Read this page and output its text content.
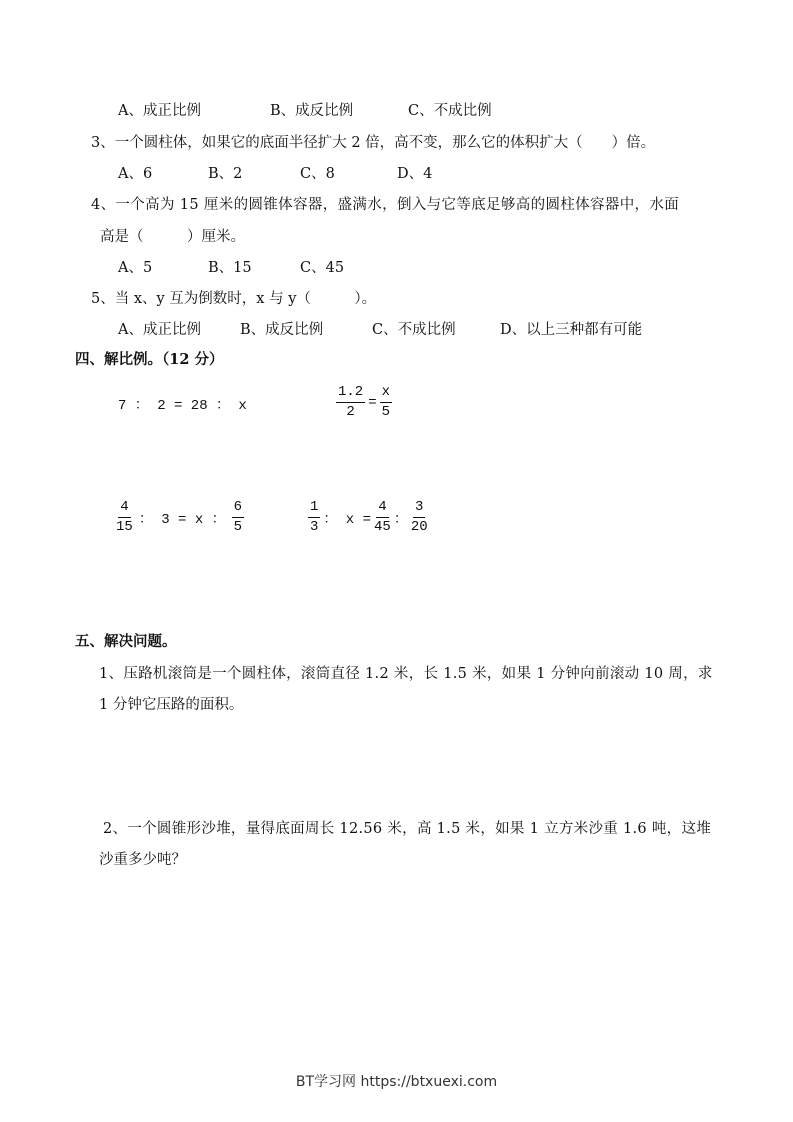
A、成正比例	B、成反比例	C、不成比例
3、一个圆柱体，如果它的底面半径扩大 2 倍，高不变，那么它的体积扩大（　　）倍。
A、6	B、2	C、8	D、4
4、一个高为 15 厘米的圆锥体容器，盛满水，倒入与它等底足够高的圆柱体容器中，水面
高是（　　　）厘米。
A、5	B、15	C、45
5、当 x、y 互为倒数时，x 与 y（　　　）。
A、成正比例	B、成反比例	C、不成比例	D、以上三种都有可能
四、解比例。（12 分）
7 ： 2 = 28 ： x	$\frac{1.2}{2} = \frac{x}{5}$
$\frac{4}{15}$ ： 3 = x ： $\frac{6}{5}$	$\frac{1}{3}$ ： $x = \frac{4}{45}$ ： $\frac{3}{20}$
五、解决问题。
1、压路机滚筒是一个圆柱体，滚筒直径 1.2 米，长 1.5 米，如果 1 分钟向前滚动 10 周，求
1 分钟它压路的面积。
2、一个圆锥形沙堆，量得底面周长 12.56 米，高 1.5 米，如果 1 立方米沙重 1.6 吨，这堆
沙重多少吨？
BT学习网 https://btxuexi.com
